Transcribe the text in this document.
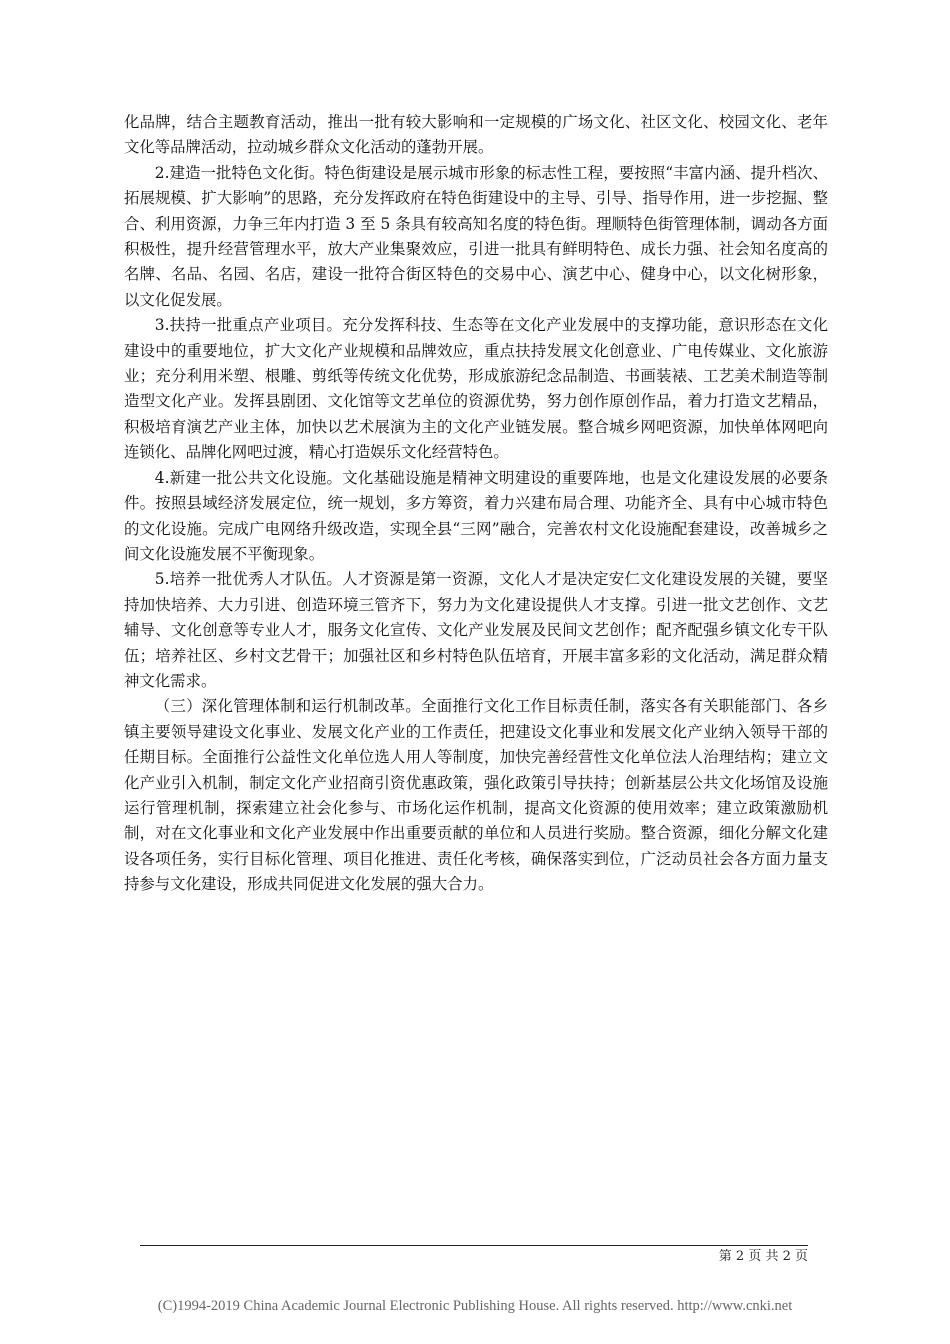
化品牌，结合主题教育活动，推出一批有较大影响和一定规模的广场文化、社区文化、校园文化、老年文化等品牌活动，拉动城乡群众文化活动的蓬勃开展。

2.建造一批特色文化街。特色街建设是展示城市形象的标志性工程，要按照“丰富内涵、提升档次、拓展规模、扩大影响”的思路，充分发挥政府在特色街建设中的主导、引导、指导作用，进一步挖掘、整合、利用资源，力争三年内打造 3 至 5 条具有较高知名度的特色街。理顺特色街管理体制，调动各方面积极性，提升经营管理水平，放大产业集聚效应，引进一批具有鲜明特色、成长力强、社会知名度高的名牌、名品、名园、名店，建设一批符合街区特色的交易中心、演艺中心、健身中心，以文化树形象，以文化促发展。

3.扶持一批重点产业项目。充分发挥科技、生态等在文化产业发展中的支撑功能，意识形态在文化建设中的重要地位，扩大文化产业规模和品牌效应，重点扶持发展文化创意业、广电传媒业、文化旅游业；充分利用米塑、根雕、剪纸等传统文化优势，形成旅游纪念品制造、书画装裱、工艺美术制造等制造型文化产业。发挥县剧团、文化馆等文艺单位的资源优势，努力创作原创作品，着力打造文艺精品，积极培育演艺产业主体，加快以艺术展演为主的文化产业链发展。整合城乡网吧资源，加快单体网吧向连锁化、品牌化网吧过渡，精心打造娱乐文化经营特色。

4.新建一批公共文化设施。文化基础设施是精神文明建设的重要阵地，也是文化建设发展的必要条件。按照县域经济发展定位，统一规划，多方筹资，着力兴建布局合理、功能齐全、具有中心城市特色的文化设施。完成广电网络升级改造，实现全县“三网”融合，完善农村文化设施配套建设，改善城乡之间文化设施发展不平衡现象。

5.培养一批优秀人才队伍。人才资源是第一资源，文化人才是决定安仁文化建设发展的关键，要坚持加快培养、大力引进、创造环境三管齐下，努力为文化建设提供人才支撑。引进一批文艺创作、文艺辅导、文化创意等专业人才，服务文化宣传、文化产业发展及民间文艺创作；配齐配强乡镇文化专干队伍；培养社区、乡村文艺骨干；加强社区和乡村特色队伍培育，开展丰富多彩的文化活动，满足群众精神文化需求。

（三）深化管理体制和运行机制改革。全面推行文化工作目标责任制，落实各有关职能部门、各乡镇主要领导建设文化事业、发展文化产业的工作责任，把建设文化事业和发展文化产业纳入领导干部的任期目标。全面推行公益性文化单位选人用人等制度，加快完善经营性文化单位法人治理结构；建立文化产业引入机制，制定文化产业招商引资优惠政策，强化政策引导扶持；创新基层公共文化场馆及设施运行管理机制，探索建立社会化参与、市场化运作机制，提高文化资源的使用效率；建立政策激励机制，对在文化事业和文化产业发展中作出重要贡献的单位和人员进行奖励。整合资源，细化分解文化建设各项任务，实行目标化管理、项目化推进、责任化考核，确保落实到位，广泛动员社会各方面力量支持参与文化建设，形成共同促进文化发展的强大合力。

第 2 页 共 2 页
(C)1994-2019 China Academic Journal Electronic Publishing House. All rights reserved. http://www.cnki.net
